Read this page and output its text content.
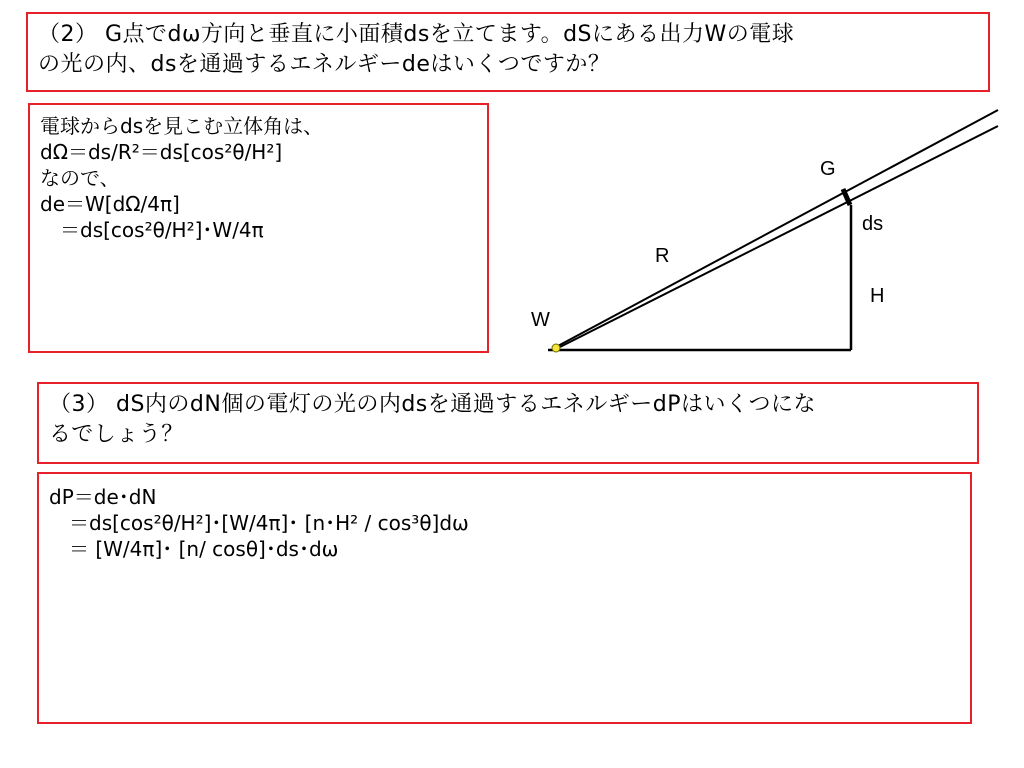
（2） G点でdω方向と垂直に小面積dsを立てます。dSにある出力Wの電球
の光の内、dsを通過するエネルギーdeはいくつですか？
電球からdsを見こむ立体角は、
dΩ＝ds/R²＝ds[cos²θ/H²]
なので、
de＝W[dΩ/4π]
　＝ds[cos²θ/H²]･W/4π
G
ds
R
H
W
（3） dS内のdN個の電灯の光の内dsを通過するエネルギーdPはいくつにな
るでしょう？
dP＝de･dN
　＝ds[cos²θ/H²]･[W/4π]･ [n･H² / cos³θ]dω
　＝ [W/4π]･ [n/ cosθ]･ds･dω
